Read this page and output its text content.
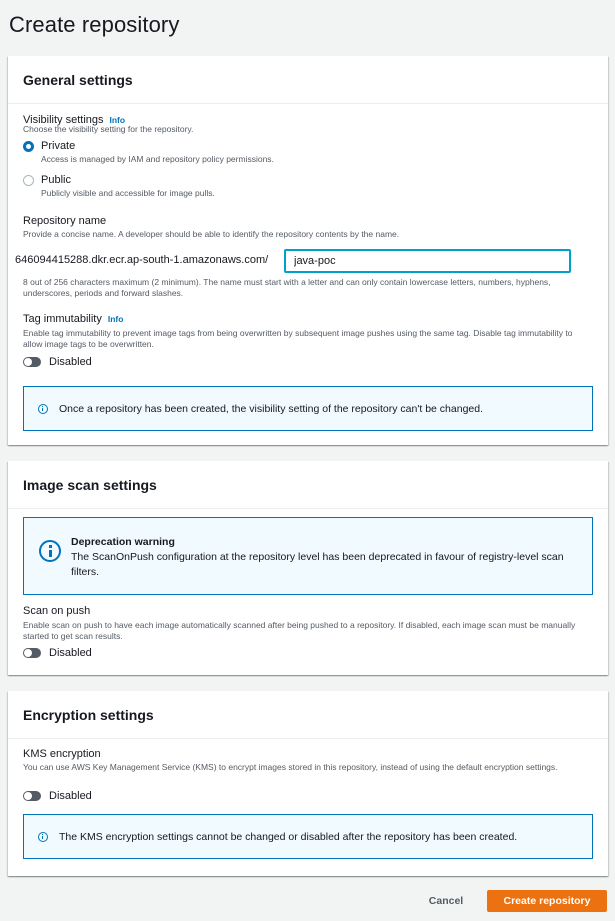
Create repository
General settings
Visibility settings Info
Choose the visibility setting for the repository.
Private
Access is managed by IAM and repository policy permissions.
Public
Publicly visible and accessible for image pulls.
Repository name
Provide a concise name. A developer should be able to identify the repository contents by the name.
8 out of 256 characters maximum (2 minimum). The name must start with a letter and can only contain lowercase letters, numbers, hyphens, underscores, periods and forward slashes.
Tag immutability Info
Enable tag immutability to prevent image tags from being overwritten by subsequent image pushes using the same tag. Disable tag immutability to allow image tags to be overwritten.
Disabled
Once a repository has been created, the visibility setting of the repository can't be changed.
646094415288.dkr.ecr.ap-south-1.amazonaws.com/
java-poc
Image scan settings
Deprecation warning
The ScanOnPush configuration at the repository level has been deprecated in favour of registry-level scan filters.
Scan on push
Enable scan on push to have each image automatically scanned after being pushed to a repository. If disabled, each image scan must be manually started to get scan results.
Disabled
Encryption settings
KMS encryption
You can use AWS Key Management Service (KMS) to encrypt images stored in this repository, instead of using the default encryption settings.
Disabled
The KMS encryption settings cannot be changed or disabled after the repository has been created.
Cancel	Create repository
